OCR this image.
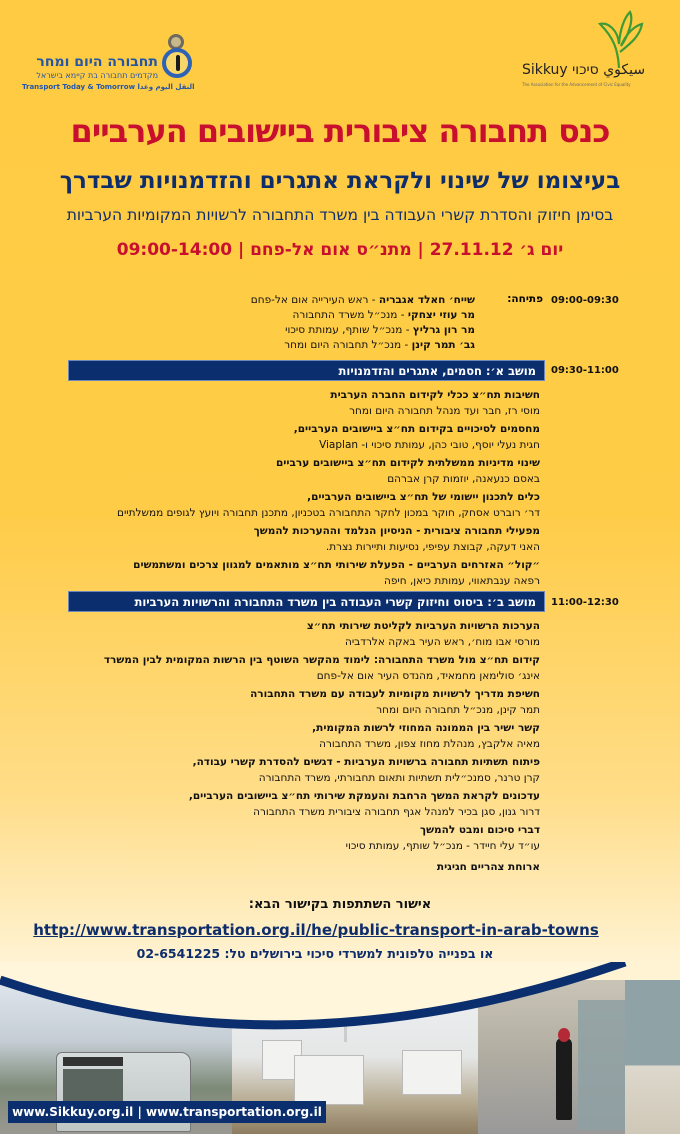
תחבורה היום ומחר
מקדמים תחבורה בת קיימא בישראל
Transport Today & Tomorrow النقل اليوم وغدا
Sikkuy	سيكوي סיכוי
The Association for the Advancement of Civic Equality
כנס תחבורה ציבורית ביישובים הערביים
בעיצומו של שינוי ולקראת אתגרים והזדמנויות שבדרך
בסימן חיזוק והסדרת קשרי העבודה בין משרד התחבורה לרשויות המקומיות הערביות
יום ג׳ 27.11.12 | מתנ״ס אום אל-פחם | 09:00-14:00
09:00-09:30
פתיחה:
שייח׳ חאלד אגבריה - ראש העירייה אום אל-פחם
מר עוזי יצחקי - מנכ״ל משרד התחבורה
מר רון גרליץ - מנכ״ל שותף, עמותת סיכוי
גב׳ תמר קינן - מנכ״ל תחבורה היום ומחר
מושב א׳: חסמים, אתגרים והזדמנויות	09:30-11:00
חשיבות תח״צ ככלי לקידום החברה הערבית
מוסי רז, חבר ועד מנהל תחבורה היום ומחר
מחסמים לסיכויים בקידום תח״צ ביישובים הערביים,
חגית נעלי יוסף, טובי כהן, עמותת סיכוי ו- Viaplan
שינוי מדיניות ממשלתית לקידום תח״צ ביישובים ערביים
באסם כנעאנה, יוזמות קרן אברהם
כלים לתכנון יישומי של תח״צ ביישובים הערביים,
דר׳ רוברט אסחק, חוקר במכון לחקר התחבורה בטכניון, מתכנן תחבורה ויועץ לגופים ממשלתיים
מפעילי תחבורה ציבורית - הניסיון הנלמד וההערכות להמשך
האני דעקה, קבוצת עפיפי, נסיעות ותיירות נצרת.
״קול״ האזרחים הערביים - הפעלת שירותי תח״צ מותאמים למגוון צרכים ומשתמשים
רפאה ענבתאווי, עמותת כיאן, חיפה
מושב ב׳: ביסוס וחיזוק קשרי העבודה בין משרד התחבורה והרשויות הערביות	11:00-12:30
הערכות הרשויות הערביות לקליטת שירותי תח״צ
מורסי אבו מוח׳, ראש העיר באקה אלרדביה
קידום תח״צ מול משרד התחבורה: לימוד מהקשר השוטף בין הרשות המקומית לבין המשרד
אינג׳ סולימאן מחמאיד, מהנדס העיר אום אל-פחם
חשיפת מדריך לרשויות מקומיות לעבודה עם משרד התחבורה
תמר קינן, מנכ״ל תחבורה היום ומחר
קשר ישיר בין הממונה המחוזי לרשות המקומית,
מאיה אלקבץ, מנהלת מחוז צפון, משרד התחבורה
פיתוח תשתיות תחבורה ברשויות הערביות - דגשים להסדרת קשרי עבודה,
קרן טרנר, סמנכ״לית תשתיות ותאום תחבורתי, משרד התחבורה
עדכונים לקראת המשך הרחבת והעמקת שירותי תח״צ ביישובים הערביים,
דרור גנון, סגן בכיר למנהל אגף תחבורה ציבורית משרד התחבורה
דברי סיכום ומבט להמשך
עו״ד עלי חיידר - מנכ״ל שותף, עמותת סיכוי
ארוחת צהריים חגיגית
אישור השתתפות בקישור הבא:
http://www.transportation.org.il/he/public-transport-in-arab-towns
או בפנייה טלפונית למשרדי סיכוי בירושלים טל: 02-6541225
www.Sikkuy.org.il | www.transportation.org.il
